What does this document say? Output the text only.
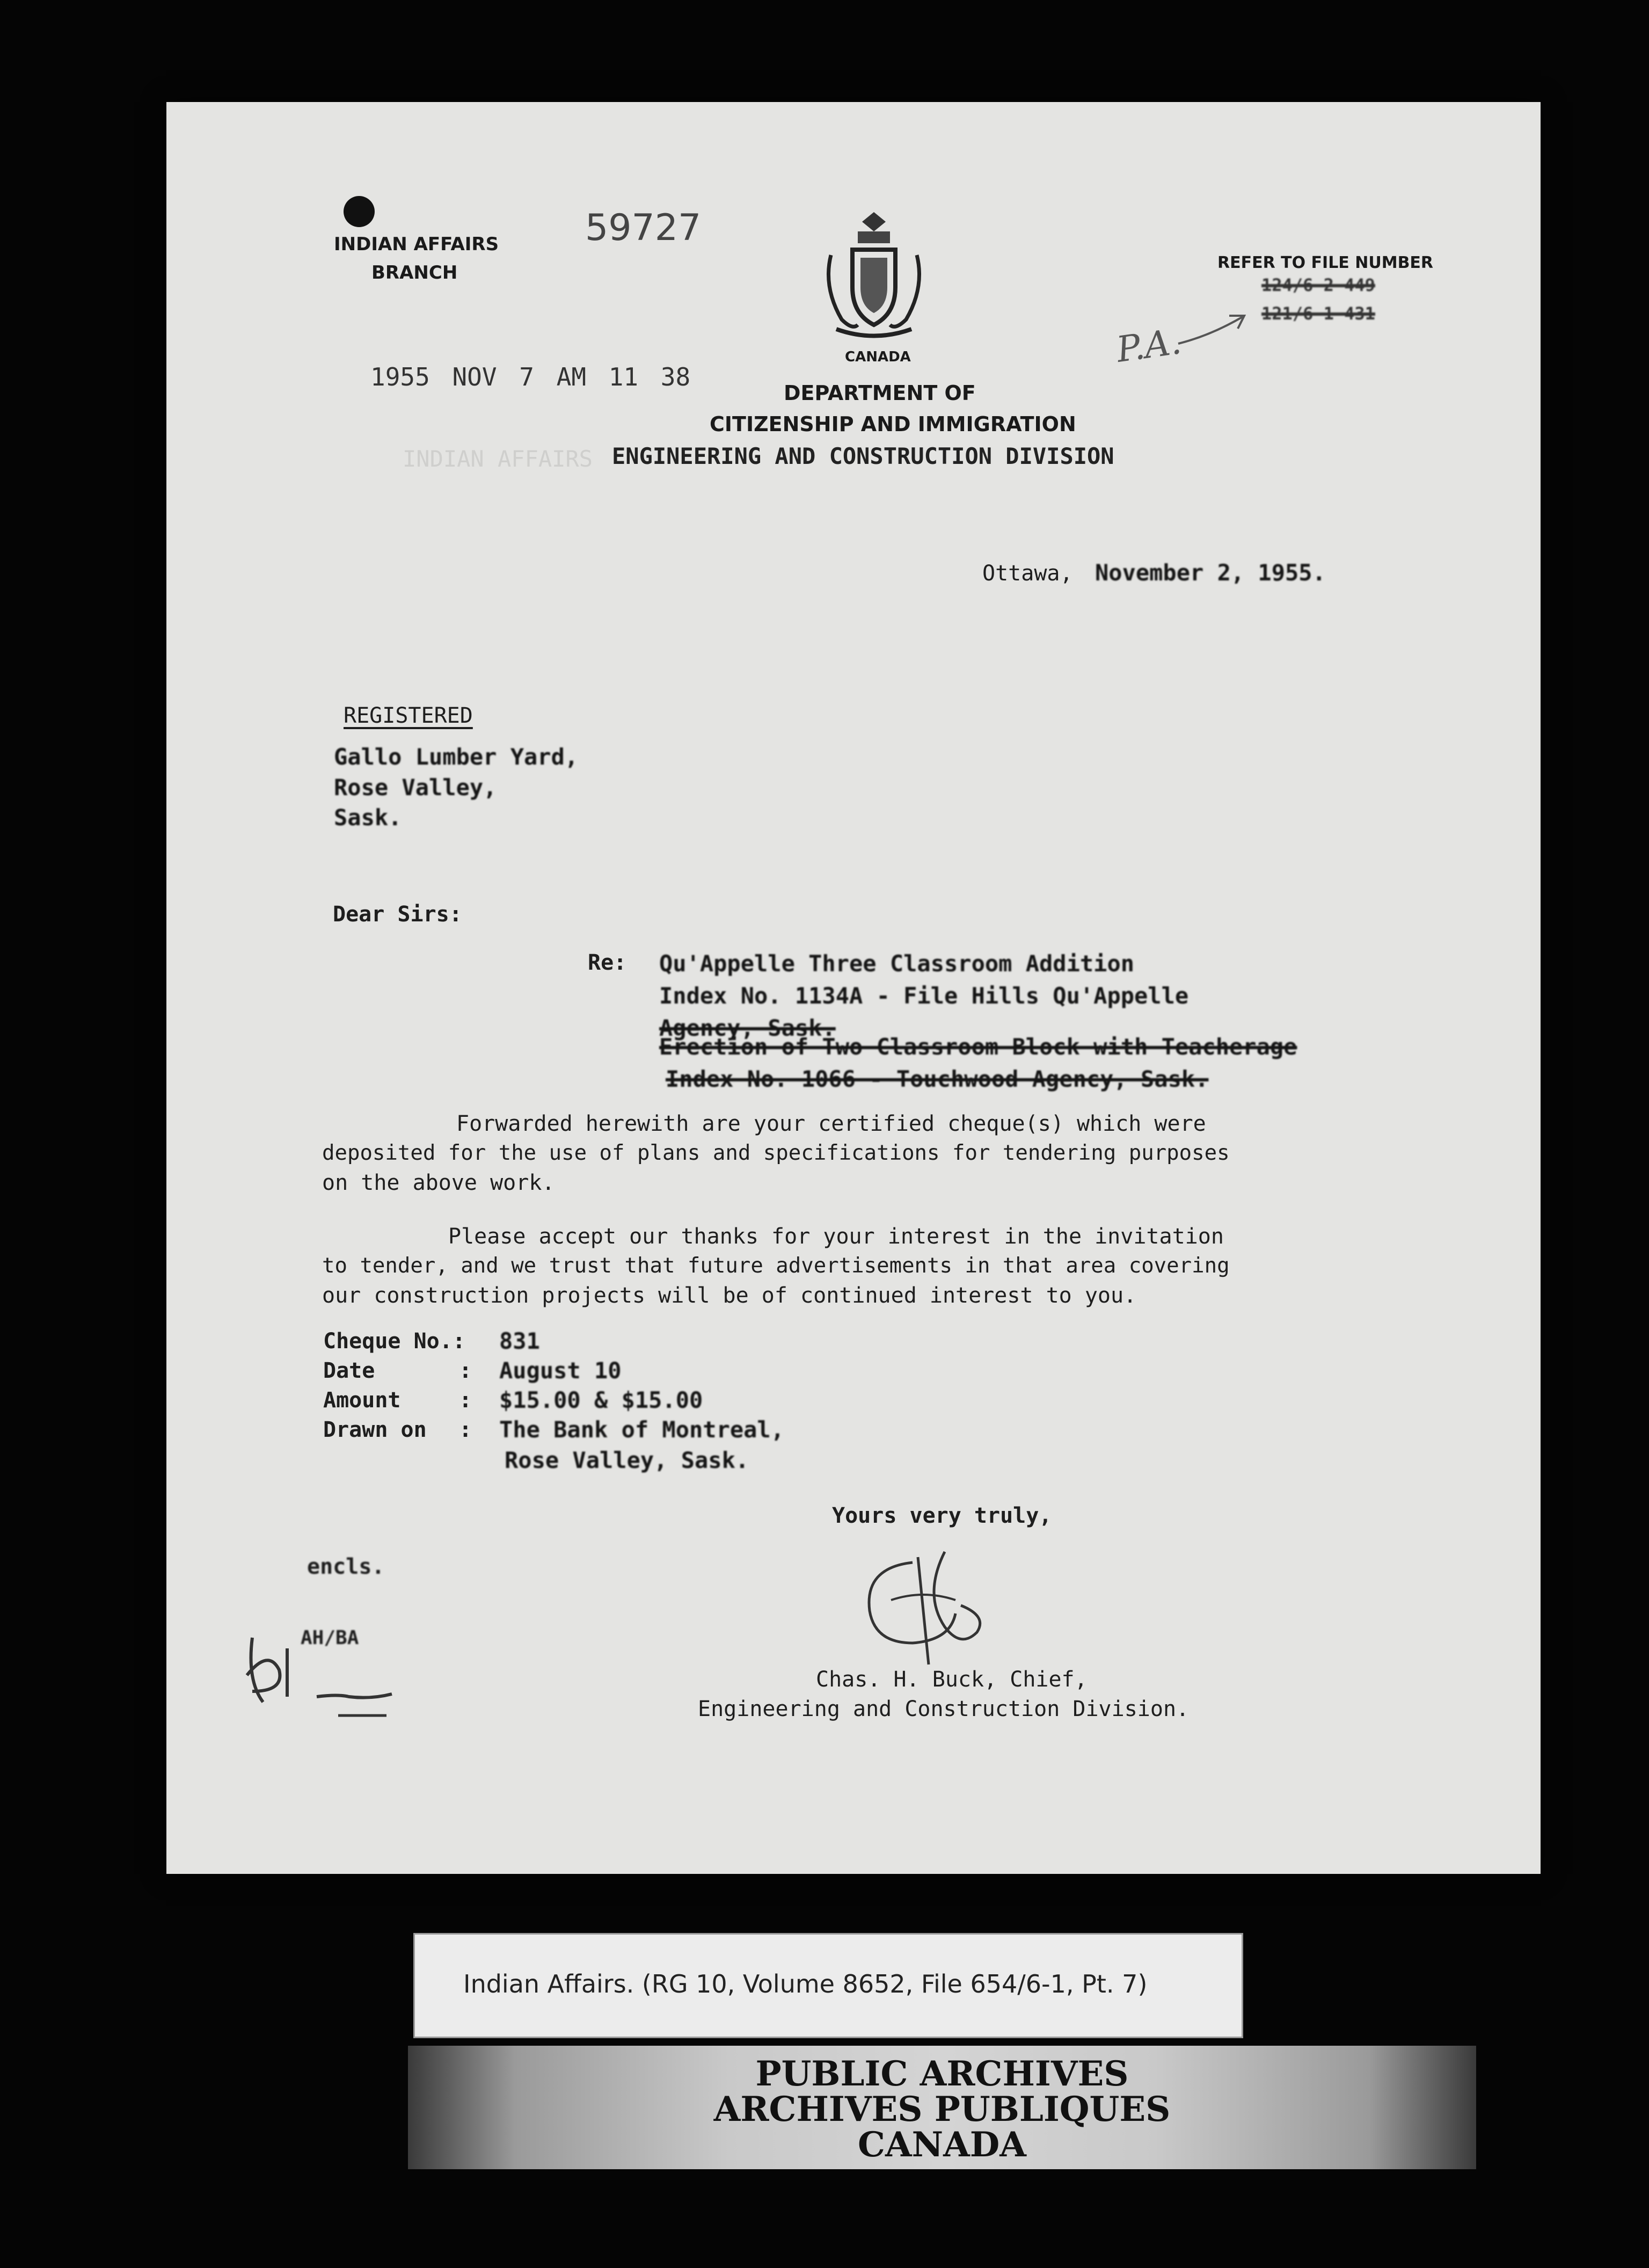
INDIAN AFFAIRS
BRANCH
59727
1955 NOV 7 AM 11 38
INDIAN AFFAIRS
CANADA
DEPARTMENT OF
CITIZENSHIP AND IMMIGRATION
ENGINEERING AND CONSTRUCTION DIVISION
REFER TO FILE NUMBER
124/6-2-449
121/6-1-431
P.A.
Ottawa, November 2, 1955.
REGISTERED
Gallo Lumber Yard,
Rose Valley,
Sask.
Dear Sirs:
Re: Qu'Appelle Three Classroom Addition
Index No. 1134A - File Hills Qu'Appelle
Agency, Sask.
Erection of Two Classroom Block with Teacherage
Index No. 1066 - Touchwood Agency, Sask.
Forwarded herewith are your certified cheque(s) which were
deposited for the use of plans and specifications for tendering purposes
on the above work.
Please accept our thanks for your interest in the invitation
to tender, and we trust that future advertisements in that area covering
our construction projects will be of continued interest to you.
Cheque No.: 831
Date	: August 10
Amount	: $15.00 & $15.00
Drawn on : The Bank of Montreal,
Rose Valley, Sask.
Yours very truly,
encls.
Chas. H. Buck, Chief,
Engineering and Construction Division.
AH/BA
Indian Affairs. (RG 10, Volume 8652, File 654/6-1, Pt. 7)
PUBLIC ARCHIVES
ARCHIVES PUBLIQUES
CANADA
